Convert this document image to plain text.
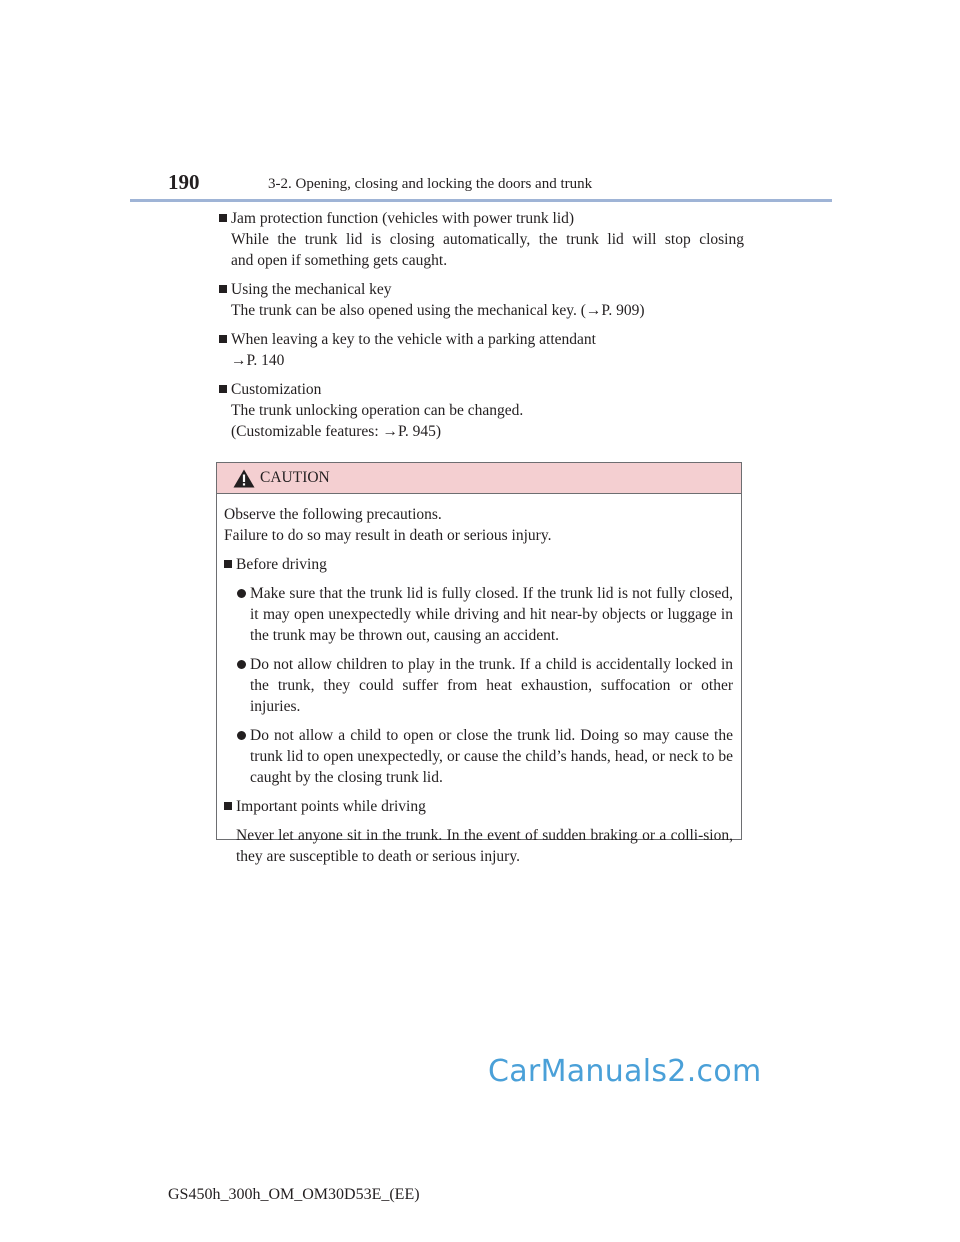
190	3-2. Opening, closing and locking the doors and trunk
Jam protection function (vehicles with power trunk lid)
While the trunk lid is closing automatically, the trunk lid will stop closing
and open if something gets caught.
Using the mechanical key
The trunk can be also opened using the mechanical key. (→P. 909)
When leaving a key to the vehicle with a parking attendant
→P. 140
Customization
The trunk unlocking operation can be changed.
(Customizable features: →P. 945)
CAUTION
Observe the following precautions.
Failure to do so may result in death or serious injury.
Before driving
Make sure that the trunk lid is fully closed. If the trunk lid is not fully closed, it may open unexpectedly while driving and hit near-by objects or luggage in the trunk may be thrown out, causing an accident.
Do not allow children to play in the trunk. If a child is accidentally locked in the trunk, they could suffer from heat exhaustion, suffocation or other injuries.
Do not allow a child to open or close the trunk lid. Doing so may cause the trunk lid to open unexpectedly, or cause the child’s hands, head, or neck to be caught by the closing trunk lid.
Important points while driving
Never let anyone sit in the trunk. In the event of sudden braking or a colli-sion, they are susceptible to death or serious injury.
CarManuals2.com
GS450h_300h_OM_OM30D53E_(EE)
